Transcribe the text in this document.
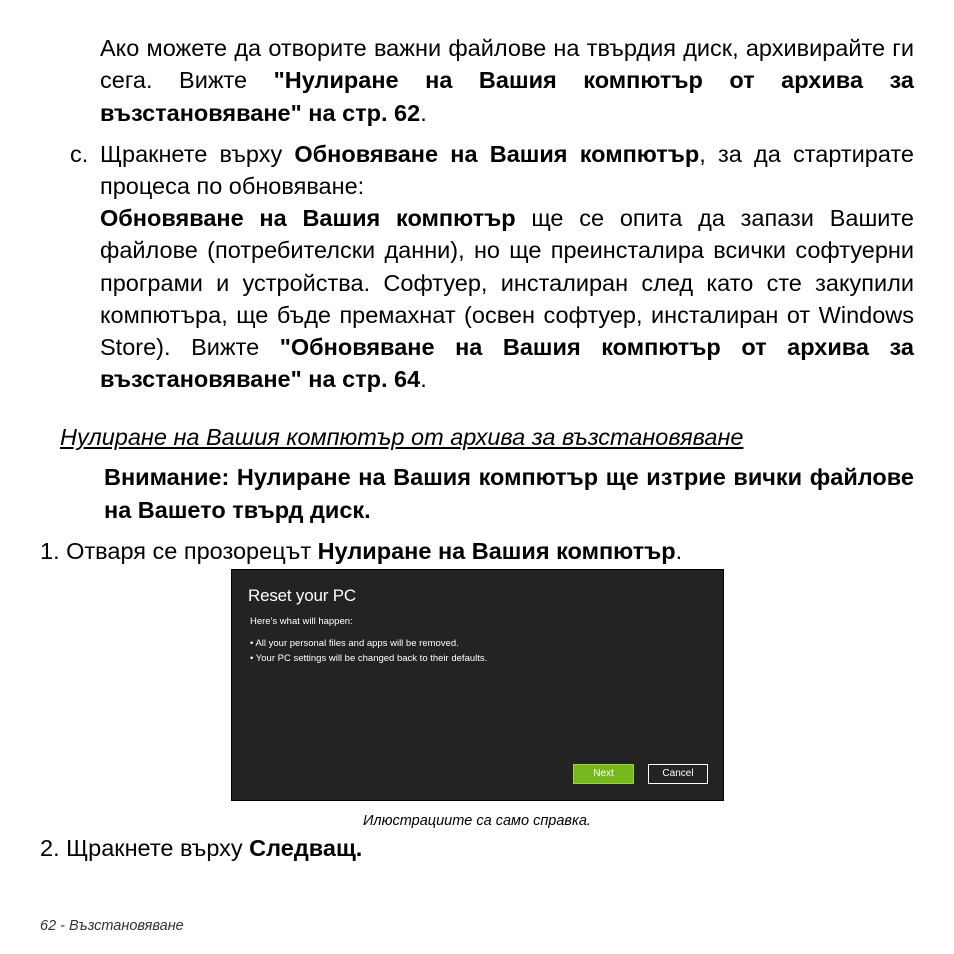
Ако можете да отворите важни файлове на твърдия диск, архивирайте ги сега. Вижте "Нулиране на Вашия компютър от архива за възстановяване" на стр. 62.

c. Щракнете върху Обновяване на Вашия компютър, за да стартирате процеса по обновяване:

Обновяване на Вашия компютър ще се опита да запази Вашите файлове (потребителски данни), но ще преинсталира всички софтуерни програми и устройства. Софтуер, инсталиран след като сте закупили компютъра, ще бъде премахнат (освен софтуер, инсталиран от Windows Store). Вижте "Обновяване на Вашия компютър от архива за възстановяване" на стр. 64.

Нулиране на Вашия компютър от архива за възстановяване

Внимание: Нулиране на Вашия компютър ще изтрие вички файлове на Вашето твърд диск.

1. Отваря се прозорецът Нулиране на Вашия компютър.
Reset your PC
Here's what will happen:
• All your personal files and apps will be removed.
• Your PC settings will be changed back to their defaults.
Next	Cancel
Илюстрациите са само справка.
2. Щракнете върху Следващ.
62 - Възстановяване
